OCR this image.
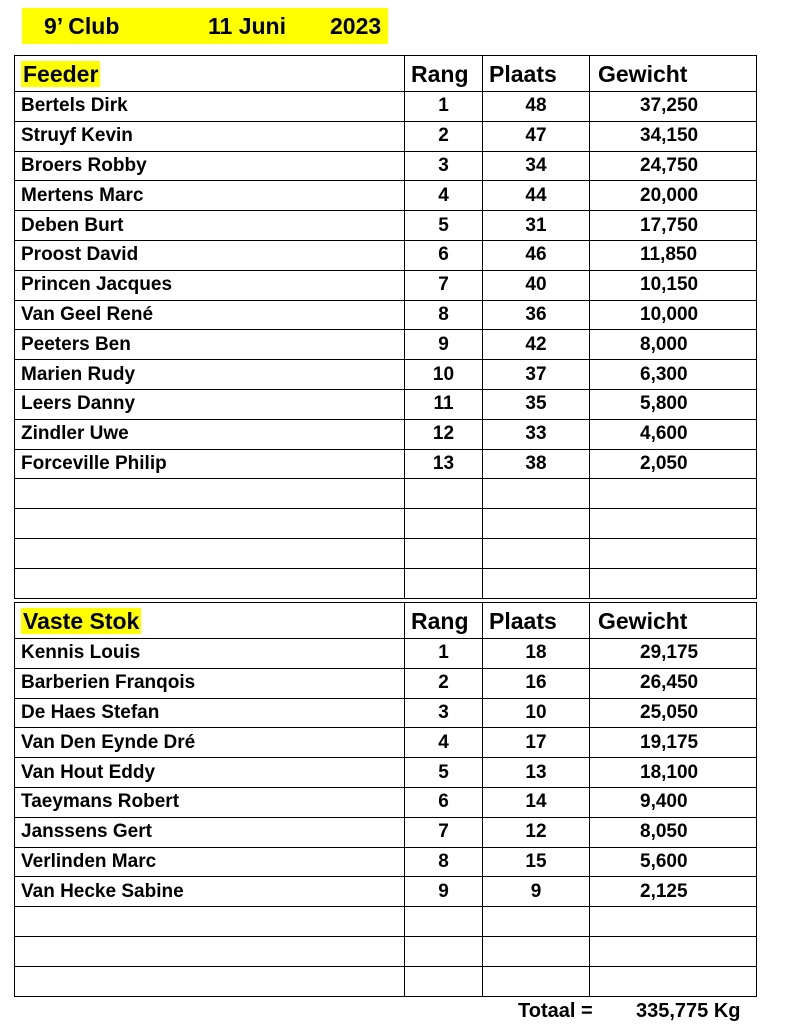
9’ Club	11 Juni 2023
Feeder	Rang	Plaats	Gewicht
Bertels Dirk	1	48	37,250
Struyf Kevin	2	47	34,150
Broers Robby	3	34	24,750
Mertens Marc	4	44	20,000
Deben Burt	5	31	17,750
Proost David	6	46	11,850
Princen Jacques	7	40	10,150
Van Geel René	8	36	10,000
Peeters Ben	9	42	8,000
Marien Rudy	10	37	6,300
Leers Danny	11	35	5,800
Zindler Uwe	12	33	4,600
Forceville Philip	13	38	2,050

Vaste Stok	Rang	Plaats	Gewicht
Kennis Louis	1	18	29,175
Barberien Franqois	2	16	26,450
De Haes Stefan	3	10	25,050
Van Den Eynde Dré	4	17	19,175
Van Hout Eddy	5	13	18,100
Taeymans Robert	6	14	9,400
Janssens Gert	7	12	8,050
Verlinden Marc	8	15	5,600
Van Hecke Sabine	9	9	2,125

Totaal = 335,775 Kg
